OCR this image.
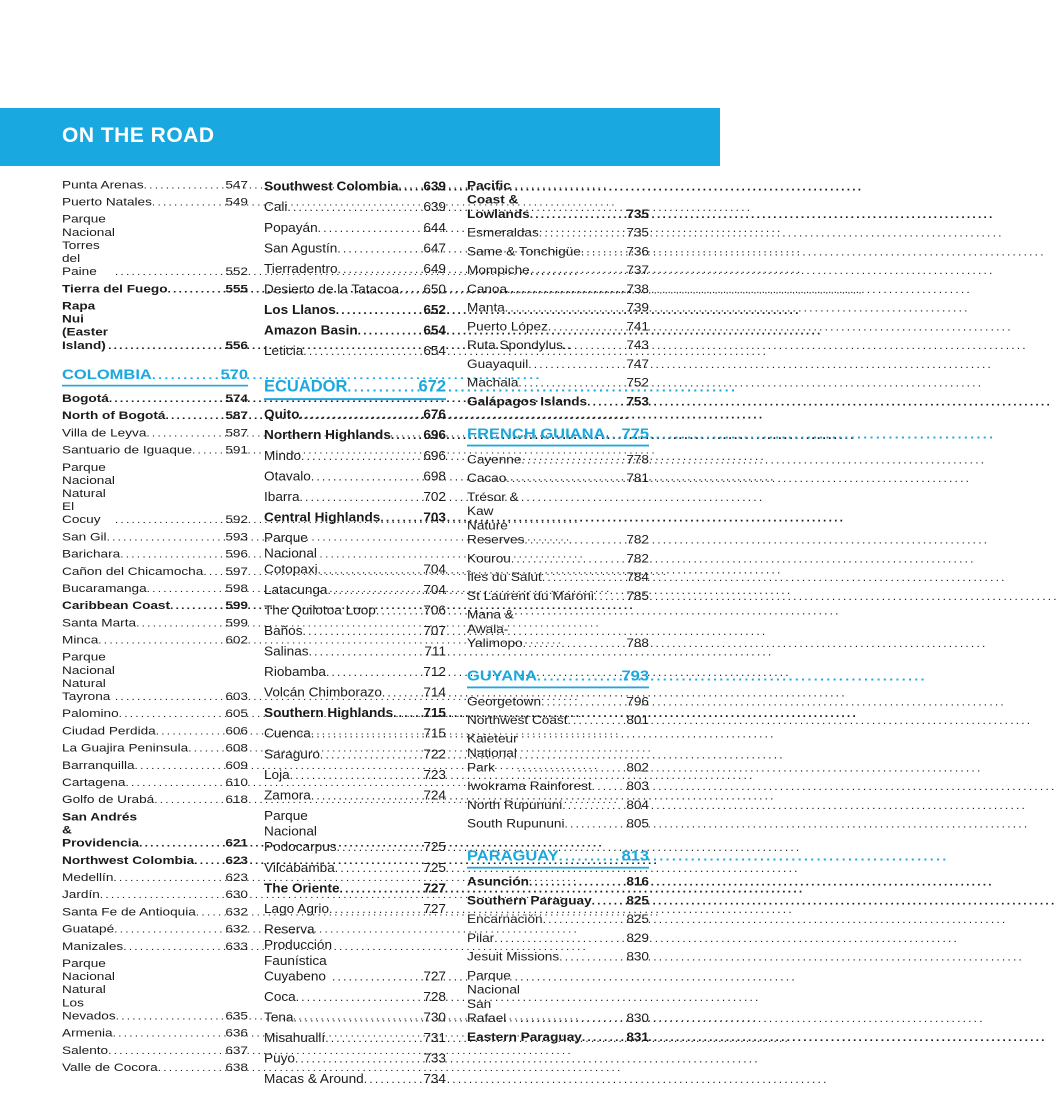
ON THE ROAD
Punta Arenas .....	547
Puerto Natales .....	549
Parque Nacional
Torres del Paine .....	552
Tierra del Fuego .....	555
Rapa Nui
(Easter Island) .....	556
COLOMBIA .....	570
Bogotá .....	574
North of Bogotá .....	587
Villa de Leyva .....	587
Santuario de Iguaque ..... 591
Parque Nacional
Natural El Cocuy .....	592
San Gil .....	593
Barichara .....	596
Cañon del Chicamocha ..... 597
Bucaramanga .....	598
Caribbean Coast .....	599
Santa Marta .....	599
Minca .....	602
Parque Nacional
Natural Tayrona .....	603
Palomino .....	605
Ciudad Perdida .....	606
La Guajira Peninsula .....	608
Barranquilla .....	609
Cartagena .....	610
Golfo de Urabá .....	618
San Andrés &
Providencia .....	621
Northwest Colombia ..... 623
Medellín .....	623
Jardín .....	630
Santa Fe de Antioquia ..... 632
Guatapé .....	632
Manizales .....	633
Parque Nacional
Natural Los Nevados .....	635
Armenia .....	636
Salento .....	637
Valle de Cocora .....	638
Southwest Colombia ..... 639
Cali .....	639
Popayán .....	644
San Agustín .....	647
Tierradentro .....	649
Desierto de la Tatacoa ..... 650
Los Llanos .....	652
Amazon Basin .....	654
Leticia .....	654
ECUADOR .....	672
Quito .....	676
Northern Highlands ..... 696
Mindo .....	696
Otavalo .....	698
Ibarra .....	702
Central Highlands .....	703
Parque Nacional
Cotopaxi .....	704
Latacunga .....	704
The Quilotoa Loop .....	706
Baños .....	707
Salinas .....	711
Riobamba .....	712
Volcán Chimborazo .....	714
Southern Highlands ..... 715
Cuenca .....	715
Saraguro .....	722
Loja .....	723
Zamora .....	724
Parque Nacional
Podocarpus .....	725
Vilcabamba .....	725
The Oriente .....	727
Lago Agrio .....	727
Reserva Producción
Faunística Cuyabeno .....	727
Coca .....	728
Tena .....	730
Misahuallí .....	731
Puyo .....	733
Macas & Around .....	734
Pacific Coast &
Lowlands .....	735
Esmeraldas .....	735
Same & Tonchigüe .....	736
Mompiche .....	737
Canoa .....	738
Manta .....	739
Puerto López .....	741
Ruta Spondylus .....	743
Guayaquil .....	747
Machala .....	752
Galápagos Islands .....	753
FRENCH GUIANA ..... 775
Cayenne .....	778
Cacao .....	781
Trésor & Kaw
Nature Reserves .....	782
Kourou .....	782
Îles du Salut .....	784
St Laurent du Maroni ..... 785
Mana &
Awala-Yalimopo .....	788
GUYANA .....	793
Georgetown .....	796
Northwest Coast .....	801
Kaieteur
National Park .....	802
Iwokrama Rainforest .....	803
North Rupununi .....	804
South Rupununi .....	805
PARAGUAY .....	813
Asunción .....	816
Southern Paraguay .....	825
Encarnación .....	825
Pilar .....	829
Jesuit Missions .....	830
Parque Nacional
San Rafael .....	830
Eastern Paraguay .....	831
